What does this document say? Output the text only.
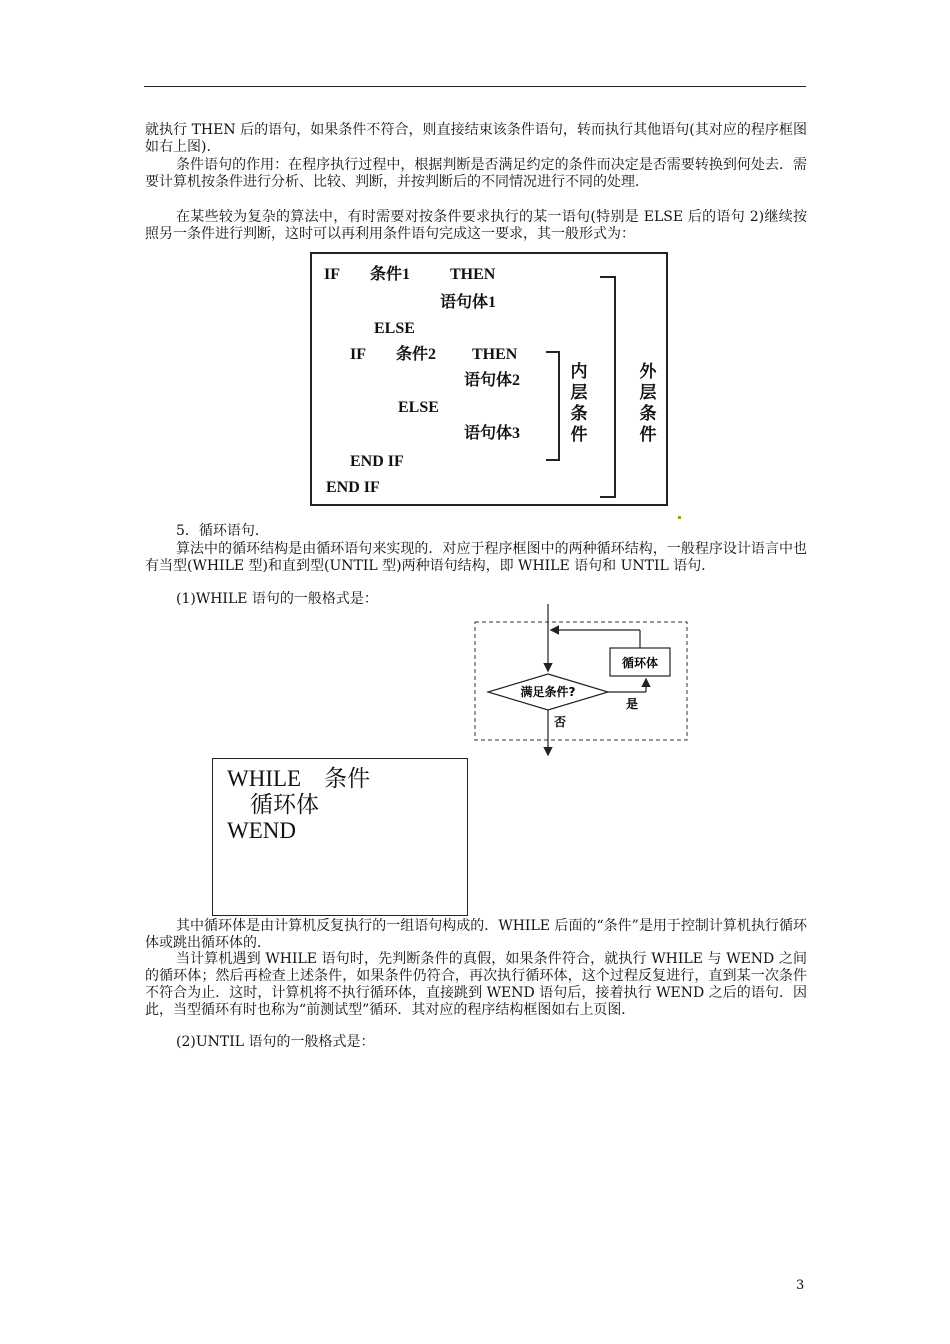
就执行 THEN 后的语句，如果条件不符合，则直接结束该条件语句，转而执行其他语句(其对应的程序框图如右上图).

条件语句的作用：在程序执行过程中，根据判断是否满足约定的条件而决定是否需要转换到何处去．需要计算机按条件进行分析、比较、判断，并按判断后的不同情况进行不同的处理．

在某些较为复杂的算法中，有时需要对按条件要求执行的某一语句(特别是 ELSE 后的语句 2)继续按照另一条件进行判断，这时可以再利用条件语句完成这一要求，其一般形式为：

IF 条件1 THEN
语句体1
ELSE
IF 条件2 THEN
语句体2
ELSE
语句体3
END IF
END IF
内
层
条
件
外
层
条
件

5．循环语句．

算法中的循环结构是由循环语句来实现的．对应于程序框图中的两种循环结构，一般程序设计语言中也有当型(WHILE 型)和直到型(UNTIL 型)两种语句结构，即 WHILE 语句和 UNTIL 语句．

(1)WHILE 语句的一般格式是：

循环体
满足条件?
是
否
WHILE　条件
　循环体
WEND

其中循环体是由计算机反复执行的一组语句构成的．WHILE 后面的“条件”是用于控制计算机执行循环体或跳出循环体的．

当计算机遇到 WHILE 语句时，先判断条件的真假，如果条件符合，就执行 WHILE 与 WEND 之间的循环体；然后再检查上述条件，如果条件仍符合，再次执行循环体，这个过程反复进行，直到某一次条件不符合为止．这时，计算机将不执行循环体，直接跳到 WEND 语句后，接着执行 WEND 之后的语句．因此，当型循环有时也称为“前测试型”循环．其对应的程序结构框图如右上页图．

(2)UNTIL 语句的一般格式是：

3
